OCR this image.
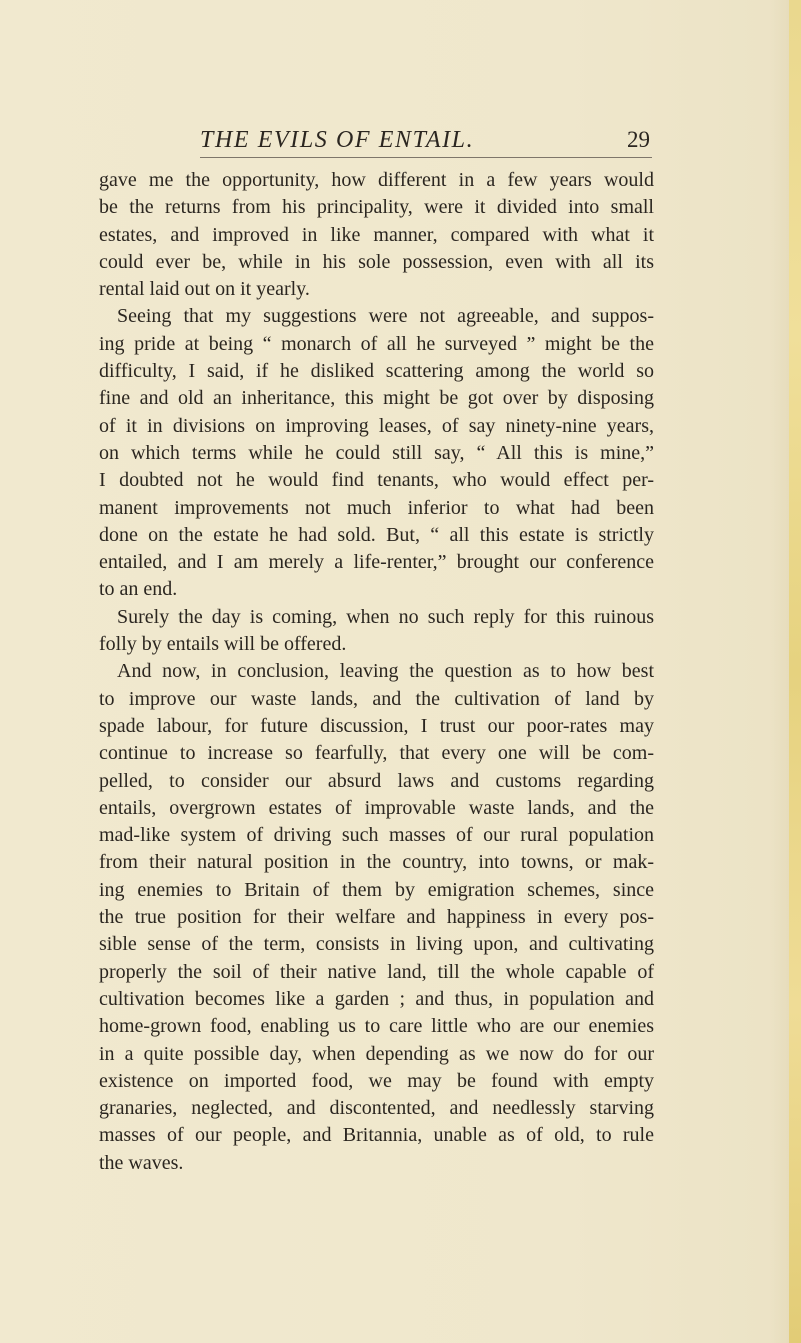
THE EVILS OF ENTAIL.	29
gave me the opportunity, how different in a few years would
be the returns from his principality, were it divided into small
estates, and improved in like manner, compared with what it
could ever be, while in his sole possession, even with all its
rental laid out on it yearly.
Seeing that my suggestions were not agreeable, and suppos-
ing pride at being “ monarch of all he surveyed ” might be the
difficulty, I said, if he disliked scattering among the world so
fine and old an inheritance, this might be got over by disposing
of it in divisions on improving leases, of say ninety-nine years,
on which terms while he could still say, “ All this is mine,”
I doubted not he would find tenants, who would effect per-
manent improvements not much inferior to what had been
done on the estate he had sold. But, “ all this estate is strictly
entailed, and I am merely a life-renter,” brought our conference
to an end.
Surely the day is coming, when no such reply for this ruinous
folly by entails will be offered.
And now, in conclusion, leaving the question as to how best
to improve our waste lands, and the cultivation of land by
spade labour, for future discussion, I trust our poor-rates may
continue to increase so fearfully, that every one will be com-
pelled, to consider our absurd laws and customs regarding
entails, overgrown estates of improvable waste lands, and the
mad-like system of driving such masses of our rural population
from their natural position in the country, into towns, or mak-
ing enemies to Britain of them by emigration schemes, since
the true position for their welfare and happiness in every pos-
sible sense of the term, consists in living upon, and cultivating
properly the soil of their native land, till the whole capable of
cultivation becomes like a garden ; and thus, in population and
home-grown food, enabling us to care little who are our enemies
in a quite possible day, when depending as we now do for our
existence on imported food, we may be found with empty
granaries, neglected, and discontented, and needlessly starving
masses of our people, and Britannia, unable as of old, to rule
the waves.
